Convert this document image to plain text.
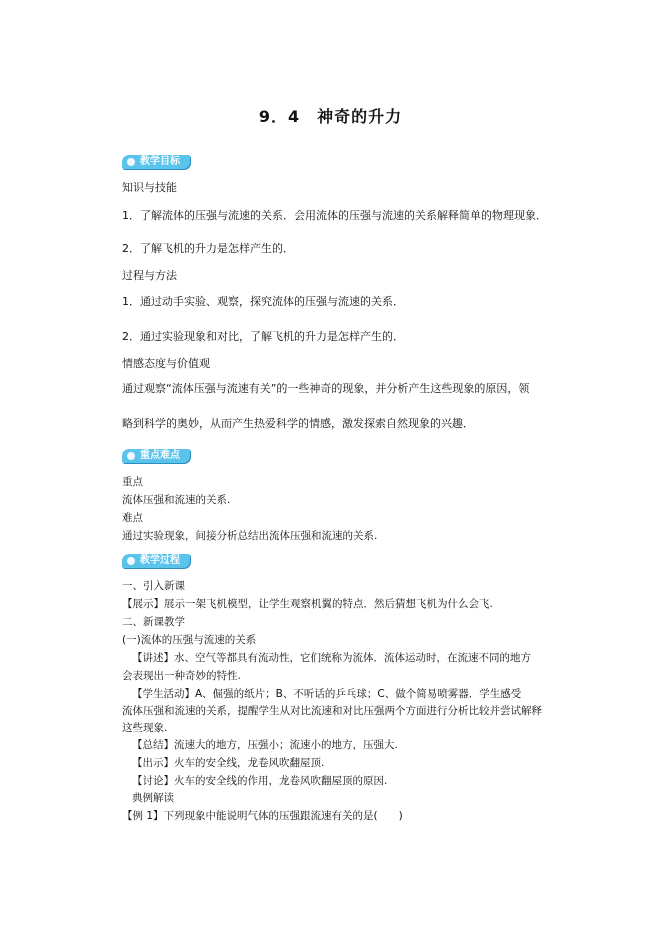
9．4　神奇的升力
教学目标
知识与技能
1．了解流体的压强与流速的关系．会用流体的压强与流速的关系解释简单的物理现象．
2．了解飞机的升力是怎样产生的．
过程与方法
1．通过动手实验、观察，探究流体的压强与流速的关系．
2．通过实验现象和对比，了解飞机的升力是怎样产生的．
情感态度与价值观
通过观察“流体压强与流速有关”的一些神奇的现象，并分析产生这些现象的原因，领
略到科学的奥妙，从而产生热爱科学的情感，激发探索自然现象的兴趣．
重点难点
重点
流体压强和流速的关系.
难点
通过实验现象，间接分析总结出流体压强和流速的关系.
教学过程
一、引入新课
【展示】展示一架飞机模型，让学生观察机翼的特点．然后猜想飞机为什么会飞.
二、新课教学
(一)流体的压强与流速的关系
【讲述】水、空气等都具有流动性，它们统称为流体．流体运动时，在流速不同的地方
会表现出一种奇妙的特性.
【学生活动】A、倔强的纸片；B、不听话的乒乓球；C、做个简易喷雾器．学生感受
流体压强和流速的关系，提醒学生从对比流速和对比压强两个方面进行分析比较并尝试解释
这些现象.
【总结】流速大的地方，压强小；流速小的地方，压强大.
【出示】火车的安全线，龙卷风吹翻屋顶.
【讨论】火车的安全线的作用，龙卷风吹翻屋顶的原因.
典例解读
【例 1】下列现象中能说明气体的压强跟流速有关的是(　　)
